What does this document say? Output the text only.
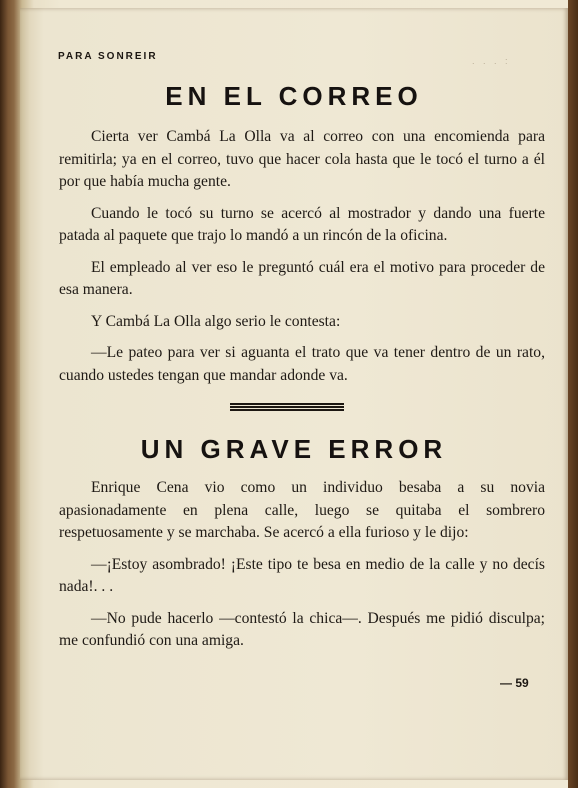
PARA SONREIR	. . . :
EN EL CORREO

Cierta ver Cambá La Olla va al correo con una encomienda para remitirla; ya en el correo, tuvo que hacer cola hasta que le tocó el turno a él por que había mucha gente.

Cuando le tocó su turno se acercó al mostrador y dando una fuerte patada al paquete que trajo lo mandó a un rincón de la oficina.

El empleado al ver eso le preguntó cuál era el motivo para proceder de esa manera.

Y Cambá La Olla algo serio le contesta:

—Le pateo para ver si aguanta el trato que va tener dentro de un rato, cuando ustedes tengan que mandar adonde va.

UN GRAVE ERROR

Enrique Cena vio como un individuo besaba a su novia apasionadamente en plena calle, luego se quitaba el sombrero respetuosamente y se marchaba. Se acercó a ella furioso y le dijo:

—¡Estoy asombrado! ¡Este tipo te besa en medio de la calle y no decís nada!. . .

—No pude hacerlo —contestó la chica—. Después me pidió disculpa; me confundió con una amiga.

— 59
